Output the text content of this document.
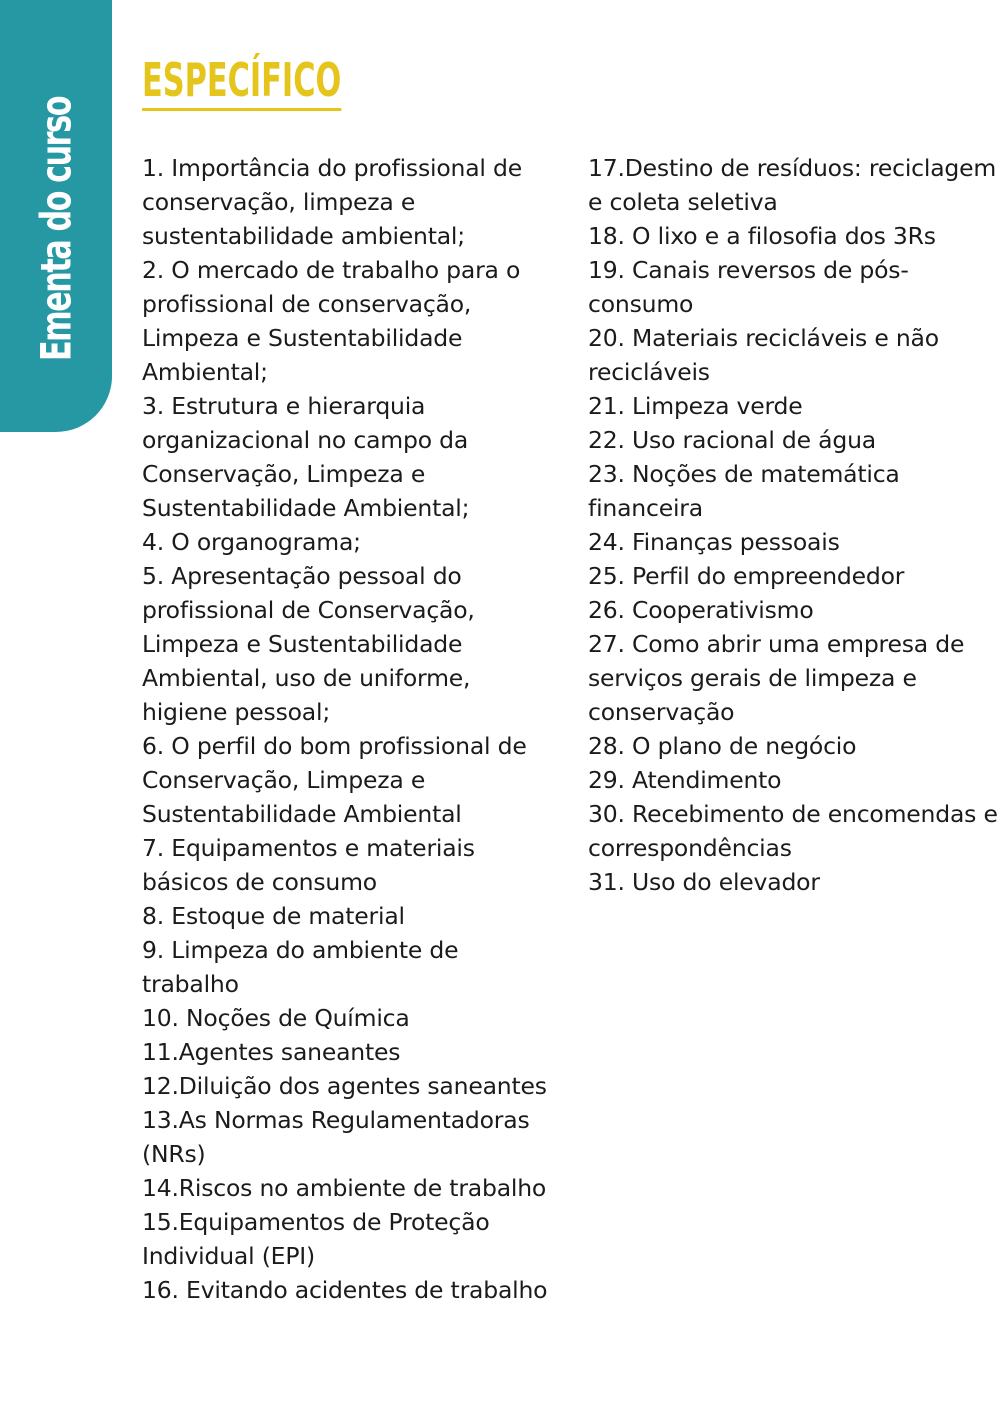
Ementa do curso
ESPECÍFICO

1. Importância do profissional de conservação, limpeza e sustentabilidade ambiental;

2. O mercado de trabalho para o profissional de conservação, Limpeza e Sustentabilidade Ambiental;

3. Estrutura e hierarquia organizacional no campo da Conservação, Limpeza e Sustentabilidade Ambiental;

4. O organograma;

5. Apresentação pessoal do profissional de Conservação, Limpeza e Sustentabilidade Ambiental, uso de uniforme, higiene pessoal;

6. O perfil do bom profissional de Conservação, Limpeza e Sustentabilidade Ambiental

7. Equipamentos e materiais básicos de consumo

8. Estoque de material

9. Limpeza do ambiente de trabalho

10. Noções de Química

11.Agentes saneantes

12.Diluição dos agentes saneantes

13.As Normas Regulamentadoras (NRs)

14.Riscos no ambiente de trabalho

15.Equipamentos de Proteção Individual (EPI)

16. Evitando acidentes de trabalho

17.Destino de resíduos: reciclagem e coleta seletiva

18. O lixo e a filosofia dos 3Rs

19. Canais reversos de pós-consumo

20. Materiais recicláveis e não recicláveis

21. Limpeza verde

22. Uso racional de água

23. Noções de matemática financeira

24. Finanças pessoais

25. Perfil do empreendedor

26. Cooperativismo

27. Como abrir uma empresa de serviços gerais de limpeza e conservação

28. O plano de negócio

29. Atendimento

30. Recebimento de encomendas e correspondências

31. Uso do elevador
